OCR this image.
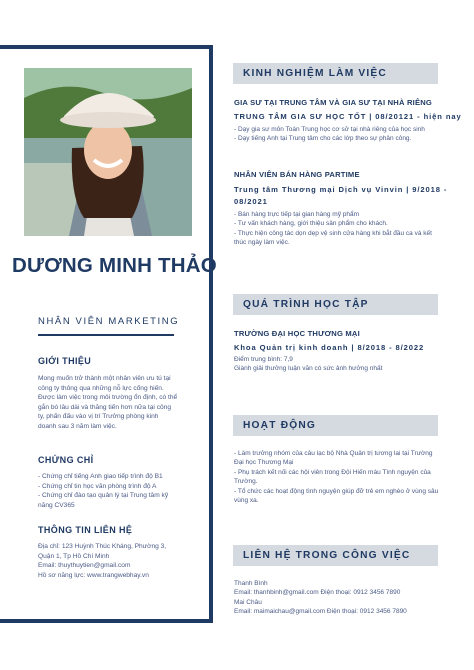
DƯƠNG MINH THẢO
NHÂN VIÊN MARKETING
GIỚI THIỆU
Mong muốn trở thành một nhân viên ưu tú tại
công ty thông qua những nỗ lực cống hiến.
Được làm việc trong môi trường ổn định, có thể
gắn bó lâu dài và thăng tiến hơn nữa tại công
ty, phấn đấu vào vị trí Trưởng phòng kinh
doanh sau 3 năm làm việc.
CHỨNG CHỈ
- Chứng chỉ tiếng Anh giao tiếp trình độ B1
- Chứng chỉ tin học văn phòng trình độ A
- Chứng chỉ đào tạo quản lý tại Trung tâm kỹ
năng CV365
THÔNG TIN LIÊN HỆ
Địa chỉ: 123 Huỳnh Thúc Kháng, Phường 3,
Quận 1, Tp Hồ Chí Minh
Email: thuythuytien@gmail.com
Hồ sơ năng lực: www.trangwebhay.vn
KINH NGHIỆM LÀM VIỆC
GIA SƯ TẠI TRUNG TÂM VÀ GIA SƯ TẠI NHÀ RIÊNG
TRUNG TÂM GIA SƯ HỌC TỐT | 08/20121 - hiện nay
- Dạy gia sư môn Toán Trung học cơ sở tại nhà riêng của học sinh
- Dạy tiếng Anh tại Trung tâm cho các lớp theo sự phân công.
NHÂN VIÊN BÁN HÀNG PARTIME
Trung tâm Thương mại Dịch vụ Vinvin | 9/2018 -
08/2021
- Bán hàng trực tiếp tại gian hàng mỹ phẩm
- Tư vấn khách hàng, giới thiệu sản phẩm cho khách.
- Thực hiện công tác dọn dẹp vệ sinh cửa hàng khi bắt đầu ca và kết
thúc ngày làm việc.
QUÁ TRÌNH HỌC TẬP
TRƯỜNG ĐẠI HỌC THƯƠNG MẠI
Khoa Quản trị kinh doanh | 8/2018 - 8/2022
Điểm trung bình: 7,9
Giành giải thưởng luận văn có sức ảnh hưởng nhất
HOẠT ĐỘNG
- Làm trưởng nhóm của câu lạc bộ Nhà Quản trị tương lai tại Trường
Đại học Thương Mại
- Phụ trách kết nối các hội viên trong Đội Hiến máu Tình nguyện của
Trường.
- Tổ chức các hoạt động tình nguyện giúp đỡ trẻ em nghèo ở vùng sâu
vùng xa.
LIÊN HỆ TRONG CÔNG VIỆC
Thanh Bình
Email: thanhbinh@gmail.com Điện thoại: 0912 3456 7890
Mai Châu
Email: maimaichau@gmail.com Điện thoại: 0912 3456 7890
